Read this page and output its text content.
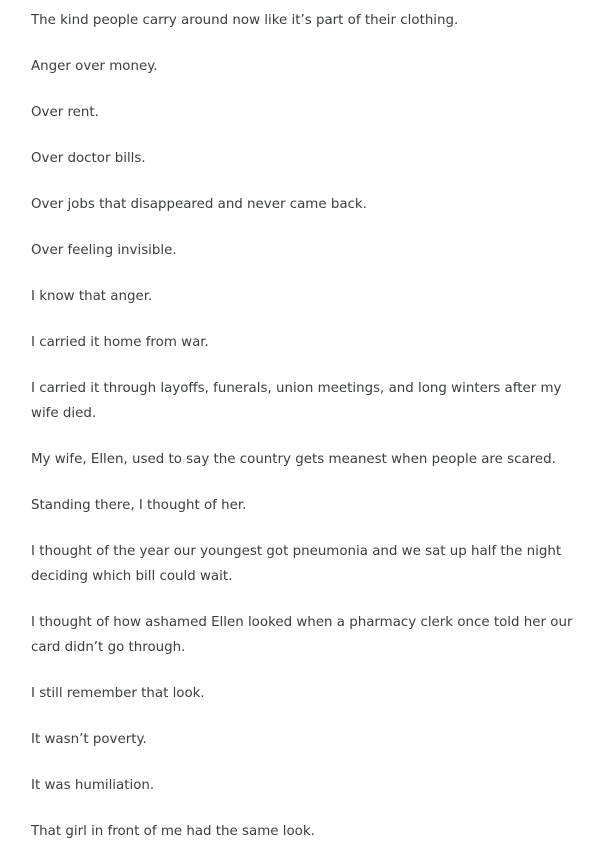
The kind people carry around now like it’s part of their clothing.

Anger over money.

Over rent.

Over doctor bills.

Over jobs that disappeared and never came back.

Over feeling invisible.

I know that anger.

I carried it home from war.

I carried it through layoffs, funerals, union meetings, and long winters after my wife died.

My wife, Ellen, used to say the country gets meanest when people are scared.

Standing there, I thought of her.

I thought of the year our youngest got pneumonia and we sat up half the night deciding which bill could wait.

I thought of how ashamed Ellen looked when a pharmacy clerk once told her our card didn’t go through.

I still remember that look.

It wasn’t poverty.

It was humiliation.

That girl in front of me had the same look.
